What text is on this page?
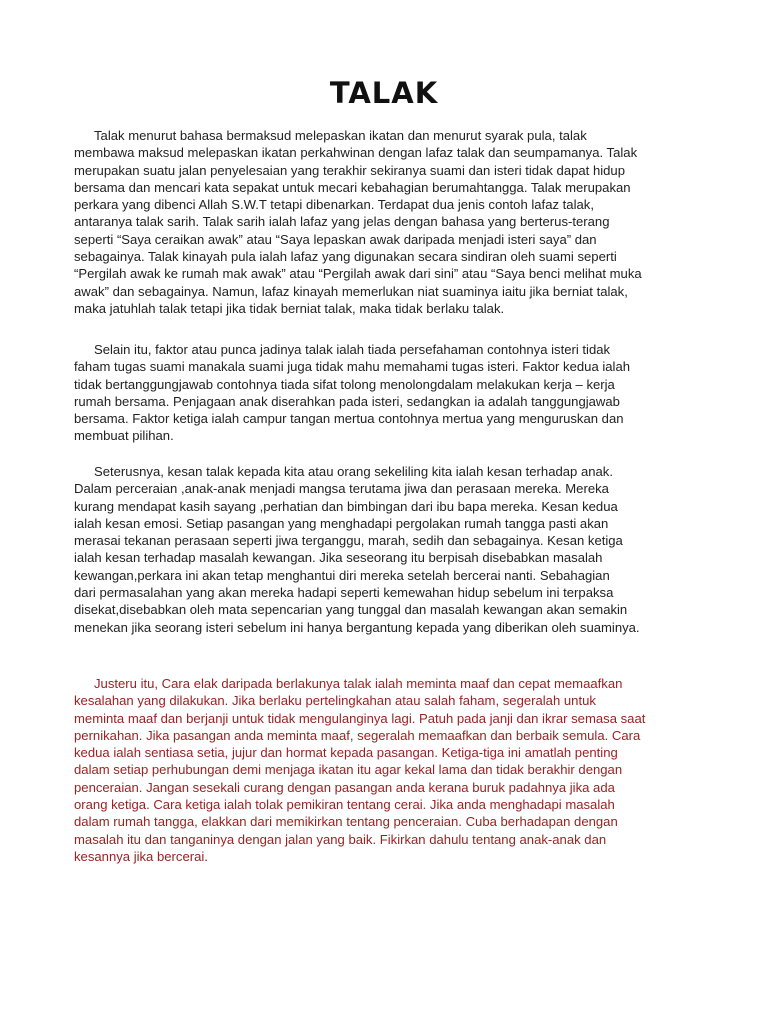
TALAK
Talak menurut bahasa bermaksud melepaskan ikatan dan menurut syarak pula, talak
membawa maksud melepaskan ikatan perkahwinan dengan lafaz talak dan seumpamanya. Talak
merupakan suatu jalan penyelesaian yang terakhir sekiranya suami dan isteri tidak dapat hidup
bersama dan mencari kata sepakat untuk mecari kebahagian berumahtangga. Talak merupakan
perkara yang dibenci Allah S.W.T tetapi dibenarkan. Terdapat dua jenis contoh lafaz talak,
antaranya talak sarih. Talak sarih ialah lafaz yang jelas dengan bahasa yang berterus-terang
seperti “Saya ceraikan awak” atau “Saya lepaskan awak daripada menjadi isteri saya” dan
sebagainya. Talak kinayah pula ialah lafaz yang digunakan secara sindiran oleh suami seperti
“Pergilah awak ke rumah mak awak” atau “Pergilah awak dari sini” atau “Saya benci melihat muka
awak” dan sebagainya. Namun, lafaz kinayah memerlukan niat suaminya iaitu jika berniat talak,
maka jatuhlah talak tetapi jika tidak berniat talak, maka tidak berlaku talak.
Selain itu, faktor atau punca jadinya talak ialah tiada persefahaman contohnya isteri tidak
faham tugas suami manakala suami juga tidak mahu memahami tugas isteri. Faktor kedua ialah
tidak bertanggungjawab contohnya tiada sifat tolong menolongdalam melakukan kerja – kerja
rumah bersama. Penjagaan anak diserahkan pada isteri, sedangkan ia adalah tanggungjawab
bersama. Faktor ketiga ialah campur tangan mertua contohnya mertua yang menguruskan dan
membuat pilihan.
Seterusnya, kesan talak kepada kita atau orang sekeliling kita ialah kesan terhadap anak.
Dalam perceraian ,anak-anak menjadi mangsa terutama jiwa dan perasaan mereka. Mereka
kurang mendapat kasih sayang ,perhatian dan bimbingan dari ibu bapa mereka. Kesan kedua
ialah kesan emosi. Setiap pasangan yang menghadapi pergolakan rumah tangga pasti akan
merasai tekanan perasaan seperti jiwa terganggu, marah, sedih dan sebagainya. Kesan ketiga
ialah kesan terhadap masalah kewangan. Jika seseorang itu berpisah disebabkan masalah
kewangan,perkara ini akan tetap menghantui diri mereka setelah bercerai nanti. Sebahagian
dari permasalahan yang akan mereka hadapi seperti kemewahan hidup sebelum ini terpaksa
disekat,disebabkan oleh mata sepencarian yang tunggal dan masalah kewangan akan semakin
menekan jika seorang isteri sebelum ini hanya bergantung kepada yang diberikan oleh suaminya.
Justeru itu, Cara elak daripada berlakunya talak ialah meminta maaf dan cepat memaafkan
kesalahan yang dilakukan. Jika berlaku pertelingkahan atau salah faham, segeralah untuk
meminta maaf dan berjanji untuk tidak mengulanginya lagi. Patuh pada janji dan ikrar semasa saat
pernikahan. Jika pasangan anda meminta maaf, segeralah memaafkan dan berbaik semula. Cara
kedua ialah sentiasa setia, jujur dan hormat kepada pasangan. Ketiga-tiga ini amatlah penting
dalam setiap perhubungan demi menjaga ikatan itu agar kekal lama dan tidak berakhir dengan
penceraian. Jangan sesekali curang dengan pasangan anda kerana buruk padahnya jika ada
orang ketiga. Cara ketiga ialah tolak pemikiran tentang cerai. Jika anda menghadapi masalah
dalam rumah tangga, elakkan dari memikirkan tentang penceraian. Cuba berhadapan dengan
masalah itu dan tanganinya dengan jalan yang baik. Fikirkan dahulu tentang anak-anak dan
kesannya jika bercerai.
